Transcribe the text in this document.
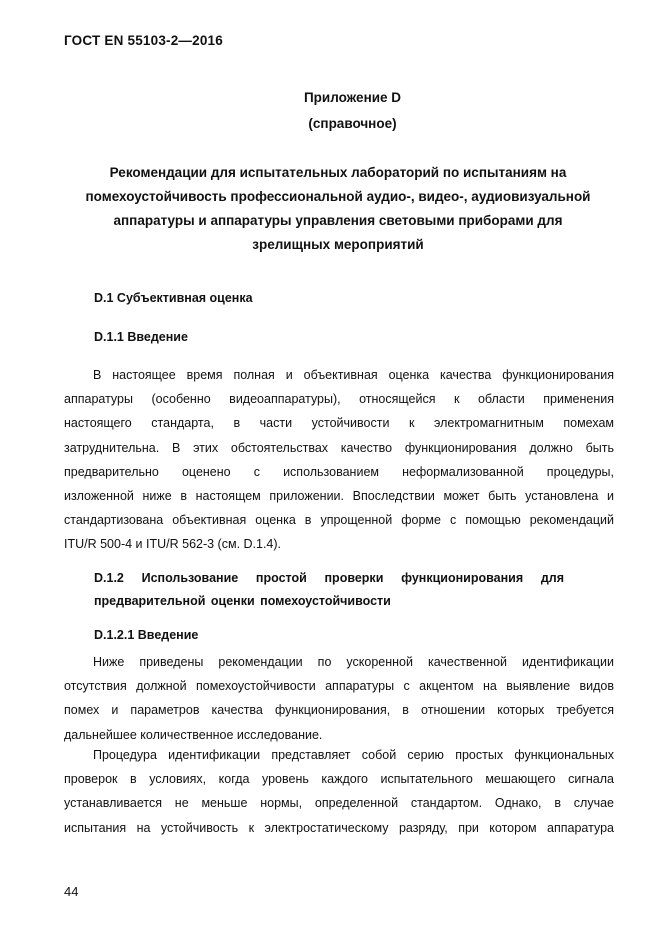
ГОСТ EN 55103-2—2016
Приложение D
(справочное)
Рекомендации для испытательных лабораторий по испытаниям на
помехоустойчивость профессиональной аудио-, видео-, аудиовизуальной
аппаратуры и аппаратуры управления световыми приборами для
зрелищных мероприятий
D.1 Субъективная оценка
D.1.1 Введение
В настоящее время полная и объективная оценка качества функционирования
аппаратуры (особенно видеоаппаратуры), относящейся к области применения
настоящего стандарта, в части устойчивости к электромагнитным помехам
затруднительна. В этих обстоятельствах качество функционирования должно быть
предварительно оценено с использованием неформализованной процедуры,
изложенной ниже в настоящем приложении. Впоследствии может быть установлена и
стандартизована объективная оценка в упрощенной форме с помощью рекомендаций
ITU/R 500-4 и ITU/R 562-3 (см. D.1.4).
D.1.2 Использование простой проверки функционирования для
предварительной оценки помехоустойчивости
D.1.2.1 Введение
Ниже приведены рекомендации по ускоренной качественной идентификации
отсутствия должной помехоустойчивости аппаратуры с акцентом на выявление видов
помех и параметров качества функционирования, в отношении которых требуется
дальнейшее количественное исследование.
Процедура идентификации представляет собой серию простых функциональных
проверок в условиях, когда уровень каждого испытательного мешающего сигнала
устанавливается не меньше нормы, определенной стандартом. Однако, в случае
испытания на устойчивость к электростатическому разряду, при котором аппаратура
44
